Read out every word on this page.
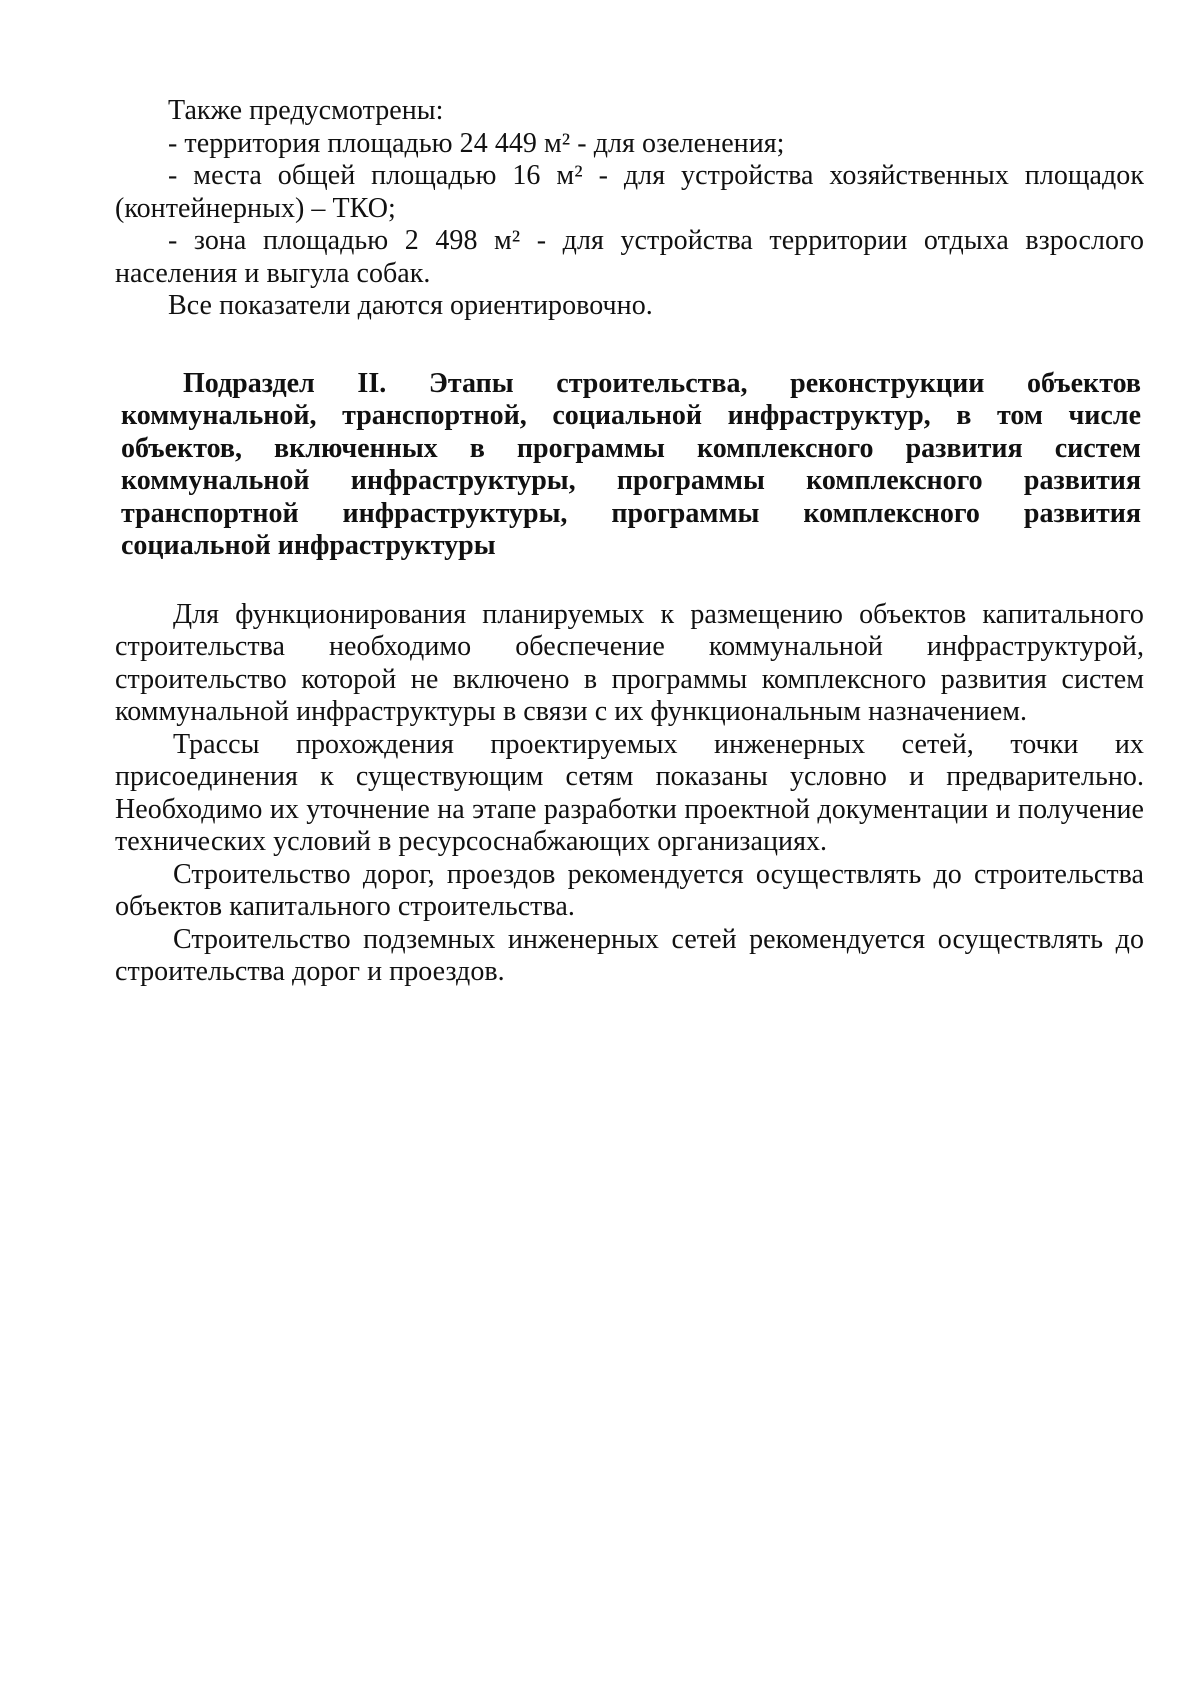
Также предусмотрены:

- территория площадью 24 449 м² - для озеленения;

- места общей площадью 16 м² - для устройства хозяйственных площадок (контейнерных) – ТКО;

- зона площадью 2 498 м² - для устройства территории отдыха взрослого населения и выгула собак.

Все показатели даются ориентировочно.

Подраздел II. Этапы строительства, реконструкции объектов коммунальной, транспортной, социальной инфраструктур, в том числе объектов, включенных в программы комплексного развития систем коммунальной инфраструктуры, программы комплексного развития транспортной инфраструктуры, программы комплексного развития социальной инфраструктуры

Для функционирования планируемых к размещению объектов капитального строительства необходимо обеспечение коммунальной инфраструктурой, строительство которой не включено в программы комплексного развития систем коммунальной инфраструктуры в связи с их функциональным назначением.

Трассы прохождения проектируемых инженерных сетей, точки их присоединения к существующим сетям показаны условно и предварительно. Необходимо их уточнение на этапе разработки проектной документации и получение технических условий в ресурсоснабжающих организациях.

Строительство дорог, проездов рекомендуется осуществлять до строительства объектов капитального строительства.

Строительство подземных инженерных сетей рекомендуется осуществлять до строительства дорог и проездов.
